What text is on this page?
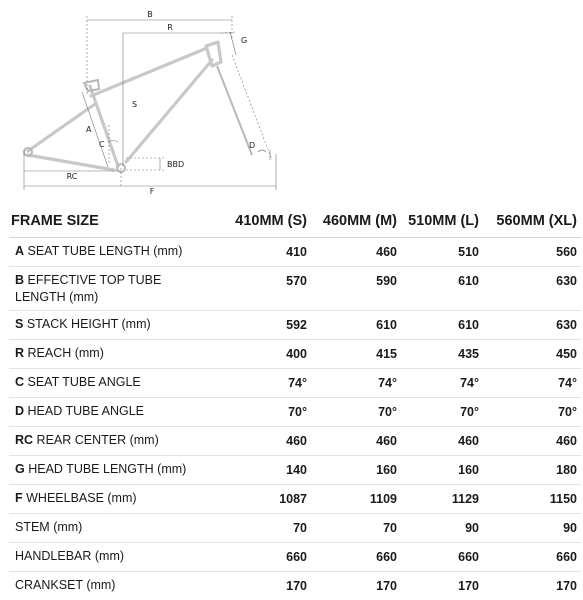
B
R
G
S
A
C	D
BBD
RC
F
FRAME SIZE	410MM (S)	460MM (M)	510MM (L)	560MM (XL)
A SEAT TUBE LENGTH (mm)	410	460	510	560
B EFFECTIVE TOP TUBE LENGTH (mm)	570	590	610	630
S STACK HEIGHT (mm)	592	610	610	630
R REACH (mm)	400	415	435	450
C SEAT TUBE ANGLE	74°	74°	74°	74°
D HEAD TUBE ANGLE	70°	70°	70°	70°
RC REAR CENTER (mm)	460	460	460	460
G HEAD TUBE LENGTH (mm)	140	160	160	180
F WHEELBASE (mm)	1087	1109	1129	1150
STEM (mm)	70	70	90	90
HANDLEBAR (mm)	660	660	660	660
CRANKSET (mm)	170	170	170	170
